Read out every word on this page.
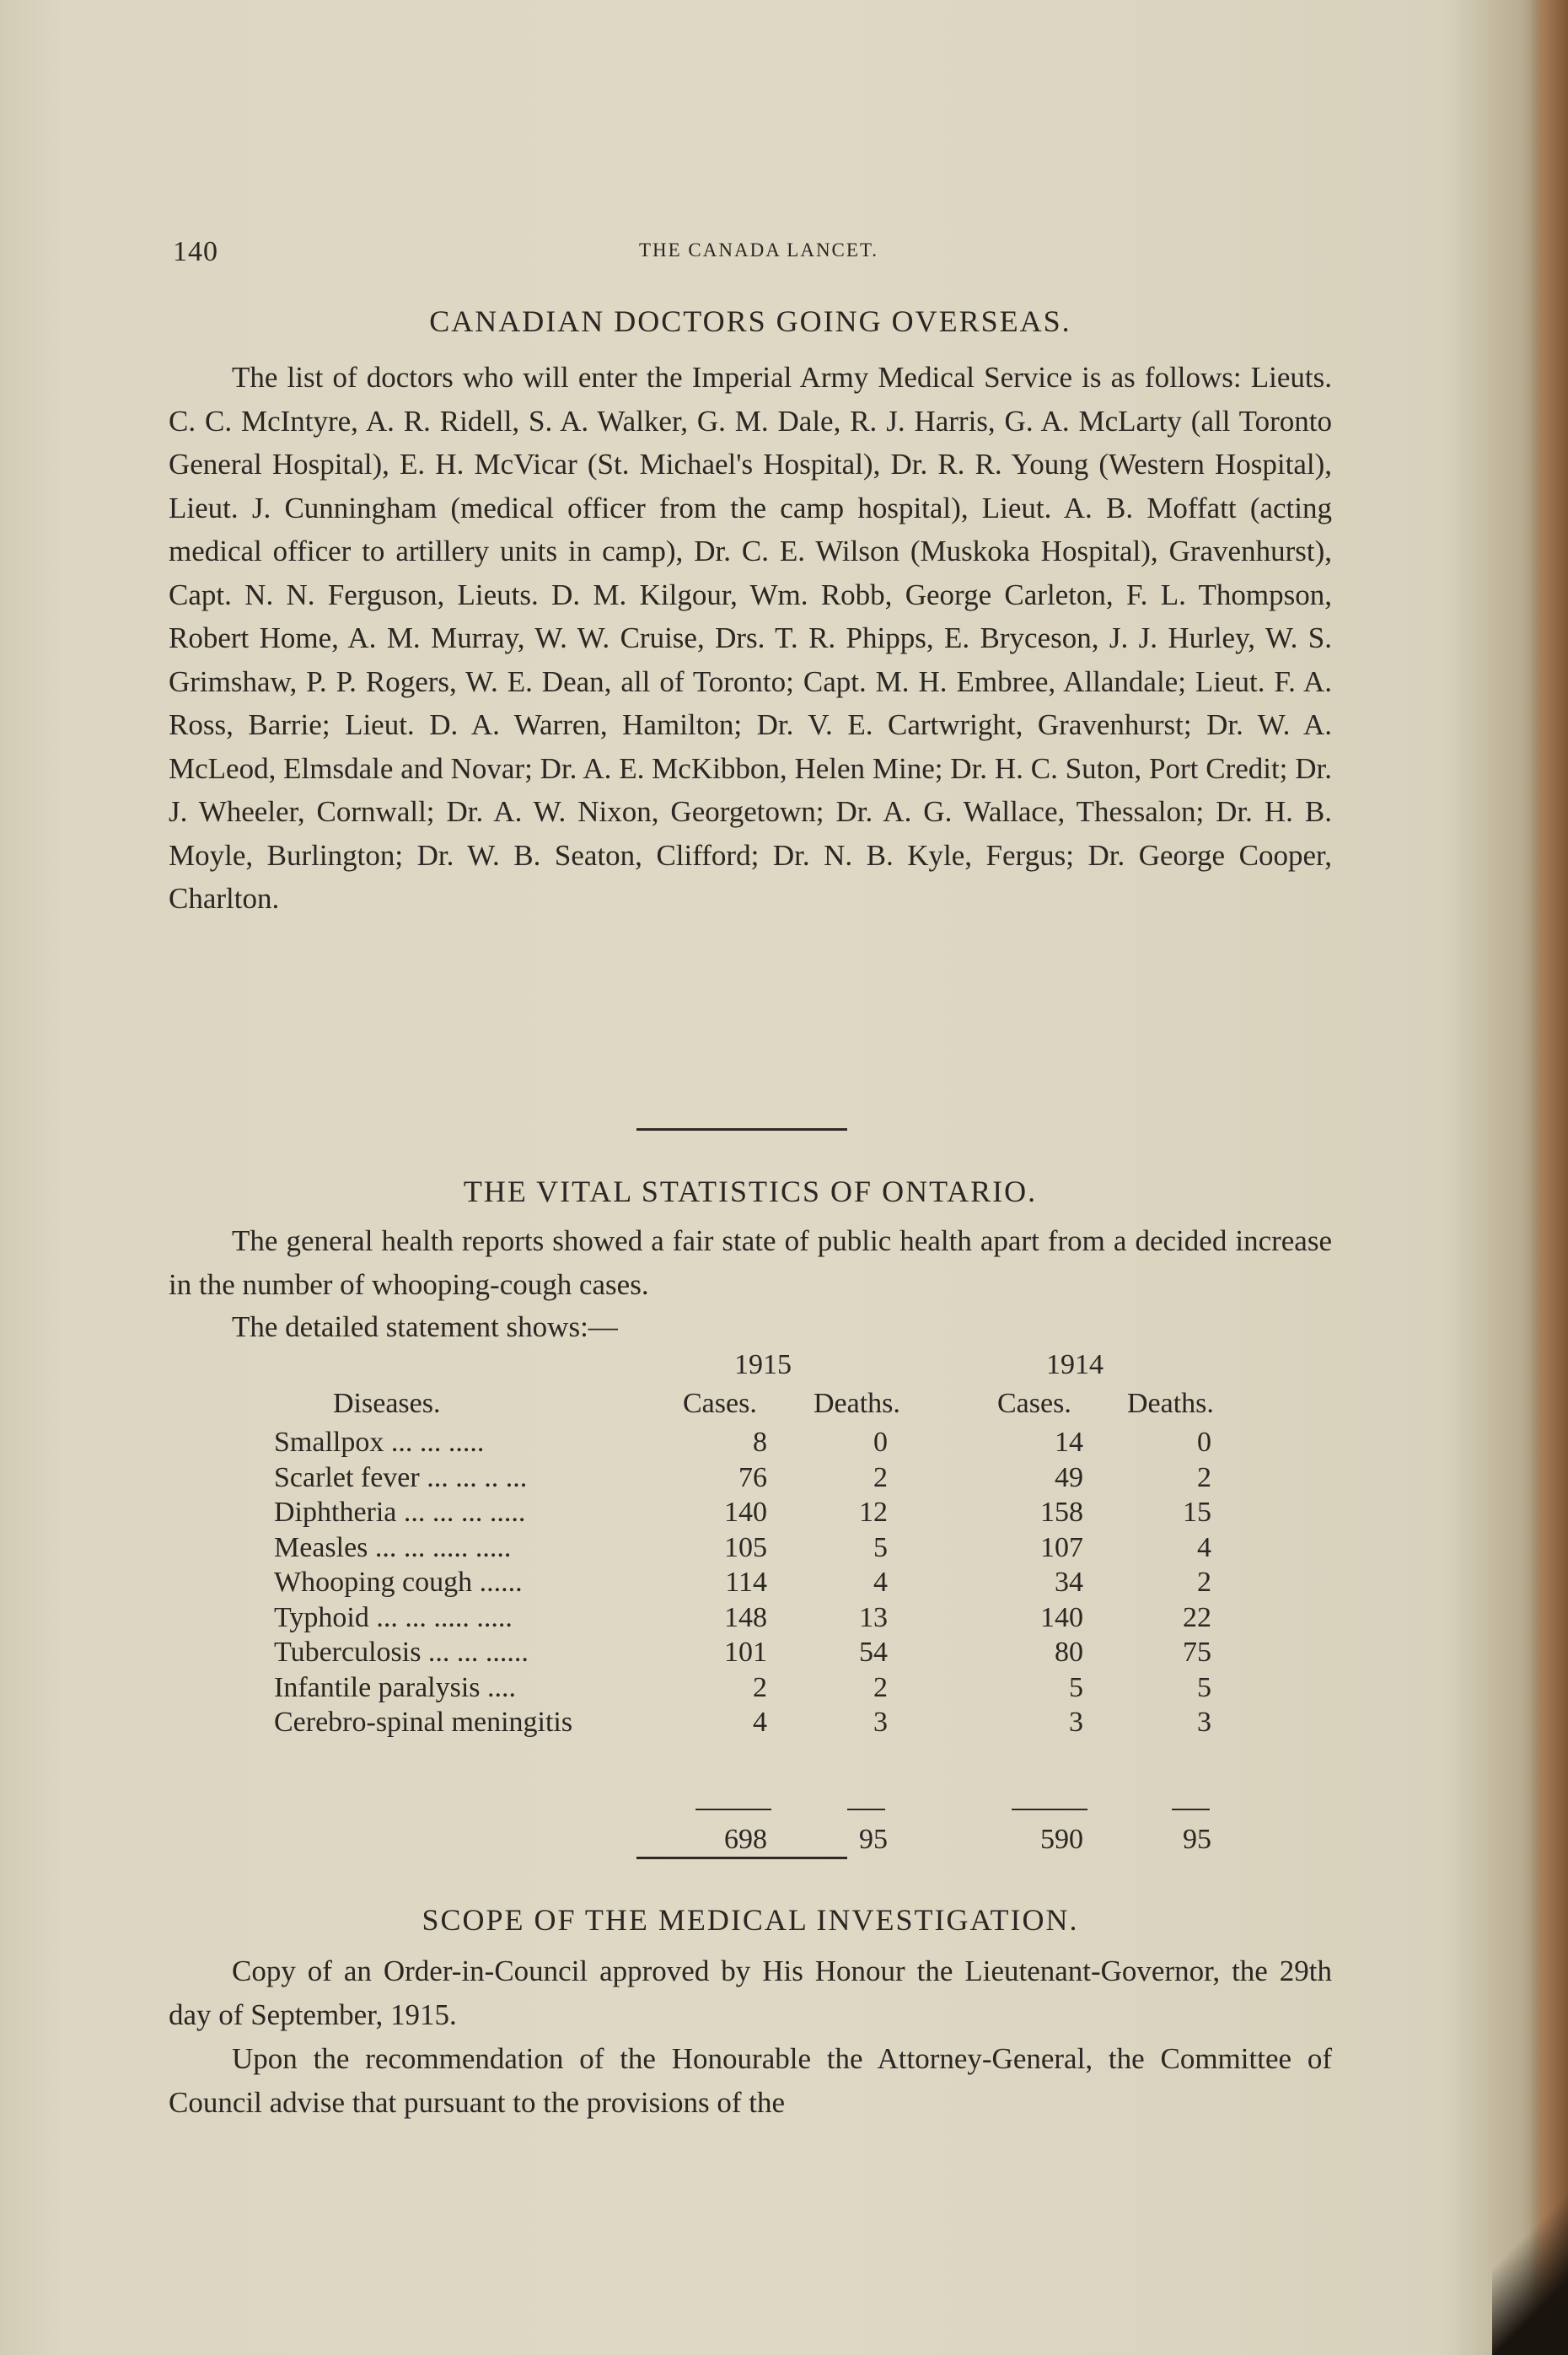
140	THE CANADA LANCET.
CANADIAN DOCTORS GOING OVERSEAS.
The list of doctors who will enter the Imperial Army Medical Service is as follows: Lieuts. C. C. McIntyre, A. R. Ridell, S. A. Walker, G. M. Dale, R. J. Harris, G. A. McLarty (all Toronto General Hospital), E. H. McVicar (St. Michael's Hospital), Dr. R. R. Young (Western Hospital), Lieut. J. Cunningham (medical officer from the camp hospital), Lieut. A. B. Moffatt (acting medical officer to artillery units in camp), Dr. C. E. Wilson (Muskoka Hospital), Gravenhurst), Capt. N. N. Ferguson, Lieuts. D. M. Kilgour, Wm. Robb, George Carleton, F. L. Thompson, Robert Home, A. M. Murray, W. W. Cruise, Drs. T. R. Phipps, E. Bryceson, J. J. Hurley, W. S. Grimshaw, P. P. Rogers, W. E. Dean, all of Toronto; Capt. M. H. Embree, Allandale; Lieut. F. A. Ross, Barrie; Lieut. D. A. Warren, Hamilton; Dr. V. E. Cartwright, Gravenhurst; Dr. W. A. McLeod, Elmsdale and Novar; Dr. A. E. McKibbon, Helen Mine; Dr. H. C. Suton, Port Credit; Dr. J. Wheeler, Cornwall; Dr. A. W. Nixon, Georgetown; Dr. A. G. Wallace, Thessalon; Dr. H. B. Moyle, Burlington; Dr. W. B. Seaton, Clifford; Dr. N. B. Kyle, Fergus; Dr. George Cooper, Charlton.
THE VITAL STATISTICS OF ONTARIO.
The general health reports showed a fair state of public health apart from a decided increase in the number of whooping-cough cases.
The detailed statement shows:—
1915	1914
Diseases.	Cases. Deaths.	Cases. Deaths.
Smallpox ... ... .....	8	0	14	0
Scarlet fever ... ... .. ...	76	2	49	2
Diphtheria ... ... ... .....	140	12	158	15
Measles ... ... ..... .....	105	5	107	4
Whooping cough ......	114	4	34	2
Typhoid ... ... ..... .....	148	13	140	22
Tuberculosis ... ... ......	101	54	80	75
Infantile paralysis ....	2	2	5	5
Cerebro-spinal meningitis	4	3	3	3
698	95	590	95
SCOPE OF THE MEDICAL INVESTIGATION.
Copy of an Order-in-Council approved by His Honour the Lieutenant-Governor, the 29th day of September, 1915.
Upon the recommendation of the Honourable the Attorney-General, the Committee of Council advise that pursuant to the provisions of the
